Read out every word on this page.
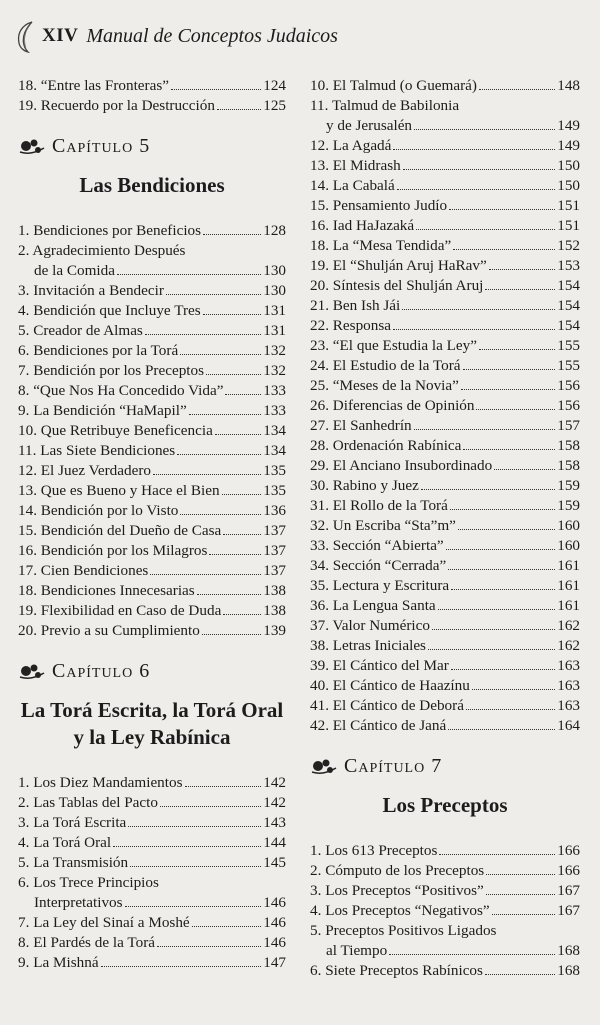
XIV Manual de Conceptos Judaicos
18. “Entre las Fronteras”	124
19. Recuerdo por la Destrucción	125
Capítulo 5
Las Bendiciones
1. Bendiciones por Beneficios	128
2. Agradecimiento Después
de la Comida	130
3. Invitación a Bendecir	130
4. Bendición que Incluye Tres	131
5. Creador de Almas	131
6. Bendiciones por la Torá	132
7. Bendición por los Preceptos	132
8. “Que Nos Ha Concedido Vida”	133
9. La Bendición “HaMapil”	133
10. Que Retribuye Beneficencia	134
11. Las Siete Bendiciones	134
12. El Juez Verdadero	135
13. Que es Bueno y Hace el Bien	135
14. Bendición por lo Visto	136
15. Bendición del Dueño de Casa	137
16. Bendición por los Milagros	137
17. Cien Bendiciones	137
18. Bendiciones Innecesarias	138
19. Flexibilidad en Caso de Duda	138
20. Previo a su Cumplimiento	139
Capítulo 6
La Torá Escrita, la Torá Oral y la Ley Rabínica
1. Los Diez Mandamientos	142
2. Las Tablas del Pacto	142
3. La Torá Escrita	143
4. La Torá Oral	144
5. La Transmisión	145
6. Los Trece Principios
Interpretativos	146
7. La Ley del Sinaí a Moshé	146
8. El Pardés de la Torá	146
9. La Mishná	147
10. El Talmud (o Guemará)	148
11. Talmud de Babilonia
y de Jerusalén	149
12. La Agadá	149
13. El Midrash	150
14. La Cabalá	150
15. Pensamiento Judío	151
16. Iad HaJazaká	151
18. La “Mesa Tendida”	152
19. El “Shulján Aruj HaRav”	153
20. Síntesis del Shulján Aruj	154
21. Ben Ish Jái	154
22. Responsa	154
23. “El que Estudia la Ley”	155
24. El Estudio de la Torá	155
25. “Meses de la Novia”	156
26. Diferencias de Opinión	156
27. El Sanhedrín	157
28. Ordenación Rabínica	158
29. El Anciano Insubordinado	158
30. Rabino y Juez	159
31. El Rollo de la Torá	159
32. Un Escriba “Sta”m”	160
33. Sección “Abierta”	160
34. Sección “Cerrada”	161
35. Lectura y Escritura	161
36. La Lengua Santa	161
37. Valor Numérico	162
38. Letras Iniciales	162
39. El Cántico del Mar	163
40. El Cántico de Haazínu	163
41. El Cántico de Deborá	163
42. El Cántico de Janá	164
Capítulo 7
Los Preceptos
1. Los 613 Preceptos	166
2. Cómputo de los Preceptos	166
3. Los Preceptos “Positivos”	167
4. Los Preceptos “Negativos”	167
5. Preceptos Positivos Ligados
al Tiempo	168
6. Siete Preceptos Rabínicos	168
